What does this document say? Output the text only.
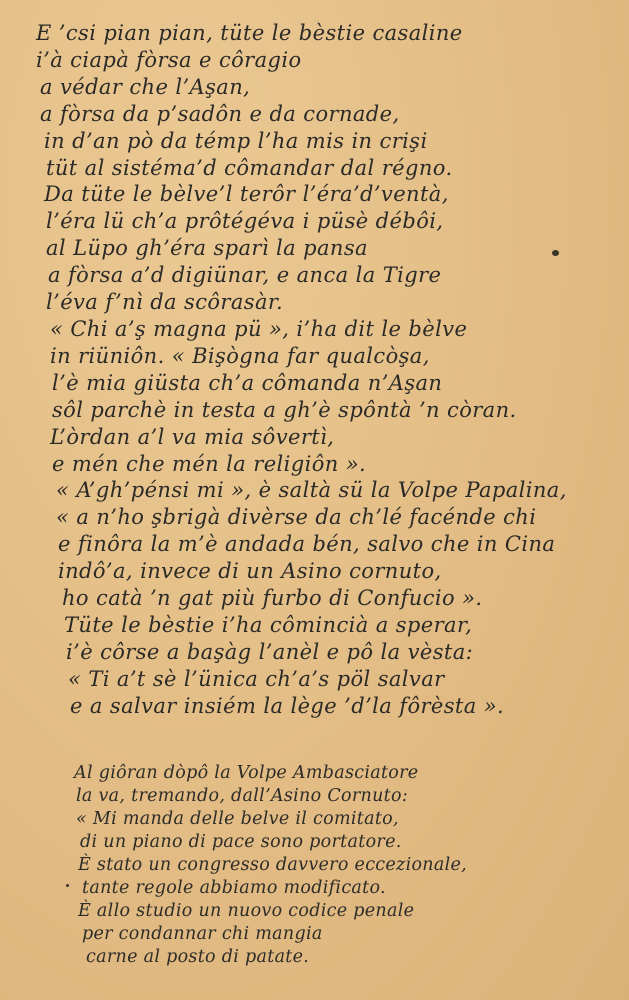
E ’csi pian pian, tüte le bèstie casaline
i’à ciapà fòrsa e côragio
a védar che l’Aşan,
a fòrsa da p’sadôn e da cornade,
in d’an pò da témp l’ha mis in crişi
tüt al sistéma’d cômandar dal régno.
Da tüte le bèlve’l terôr l’éra’d’ventà,
l’éra lü ch’a prôtégéva i püsè débôi,
al Lüpo gh’éra sparì la pansa
a fòrsa a’d digiünar, e anca la Tigre
l’éva f’nì da scôrasàr.
« Chi a’ş magna pü », i’ha dit le bèlve
in riüniôn. « Bişògna far qualcòşa,
l’è mia giüsta ch’a cômanda n’Aşan
sôl parchè in testa a gh’è spôntà ’n còran.
L’òrdan a’l va mia sôvertì,
e mén che mén la religiôn ».
« A’gh’pénsi mi », è saltà sü la Volpe Papalina,
« a n’ho şbrigà divèrse da ch’lé facénde chi
e finôra la m’è andada bén, salvo che in Cina
indô’a, invece di un Asino cornuto,
ho catà ’n gat più furbo di Confucio ».
Tüte le bèstie i’ha cômincià a sperar,
i’è côrse a başàg l’anèl e pô la vèsta:
« Ti a’t sè l’ünica ch’a’s pöl salvar
e a salvar insiém la lège ’d’la fôrèsta ».
Al giôran dòpô la Volpe Ambasciatore
la va, tremando, dall’Asino Cornuto:
« Mi manda delle belve il comitato,
di un piano di pace sono portatore.
È stato un congresso davvero eccezionale,
tante regole abbiamo modificato.
È allo studio un nuovo codice penale
per condannar chi mangia
carne al posto di patate.
